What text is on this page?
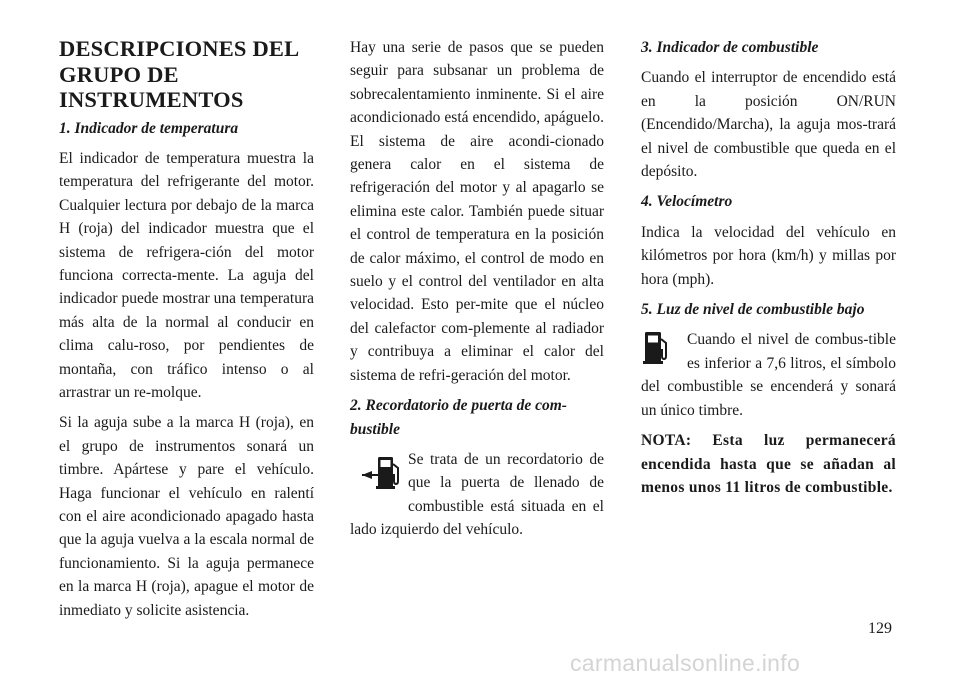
DESCRIPCIONES DEL GRUPO DE INSTRUMENTOS

1. Indicador de temperatura

El indicador de temperatura muestra la temperatura del refrigerante del motor. Cualquier lectura por debajo de la marca H (roja) del indicador muestra que el sistema de refrigera-ción del motor funciona correcta-mente. La aguja del indicador puede mostrar una temperatura más alta de la normal al conducir en clima calu-roso, por pendientes de montaña, con tráfico intenso o al arrastrar un re-molque.

Si la aguja sube a la marca H (roja), en el grupo de instrumentos sonará un timbre. Apártese y pare el vehículo. Haga funcionar el vehículo en ralentí con el aire acondicionado apagado hasta que la aguja vuelva a la escala normal de funcionamiento. Si la aguja permanece en la marca H (roja), apague el motor de inmediato y solicite asistencia.

Hay una serie de pasos que se pueden seguir para subsanar un problema de sobrecalentamiento inminente. Si el aire acondicionado está encendido, apáguelo. El sistema de aire acondi-cionado genera calor en el sistema de refrigeración del motor y al apagarlo se elimina este calor. También puede situar el control de temperatura en la posición de calor máximo, el control de modo en suelo y el control del ventilador en alta velocidad. Esto per-mite que el núcleo del calefactor com-plemente al radiador y contribuya a eliminar el calor del sistema de refri-geración del motor.

2. Recordatorio de puerta de com-bustible

Se trata de un recordatorio de que la puerta de llenado de combustible está situada en el lado izquierdo del vehículo.

3. Indicador de combustible

Cuando el interruptor de encendido está en la posición ON/RUN (Encendido/Marcha), la aguja mos-trará el nivel de combustible que queda en el depósito.

4. Velocímetro

Indica la velocidad del vehículo en kilómetros por hora (km/h) y millas por hora (mph).

5. Luz de nivel de combustible bajo

Cuando el nivel de combus-tible es inferior a 7,6 litros, el símbolo del combustible se encenderá y sonará un único timbre.

NOTA: Esta luz permanecerá encendida hasta que se añadan al menos unos 11 litros de combustible.

129
carmanualsonline.info
